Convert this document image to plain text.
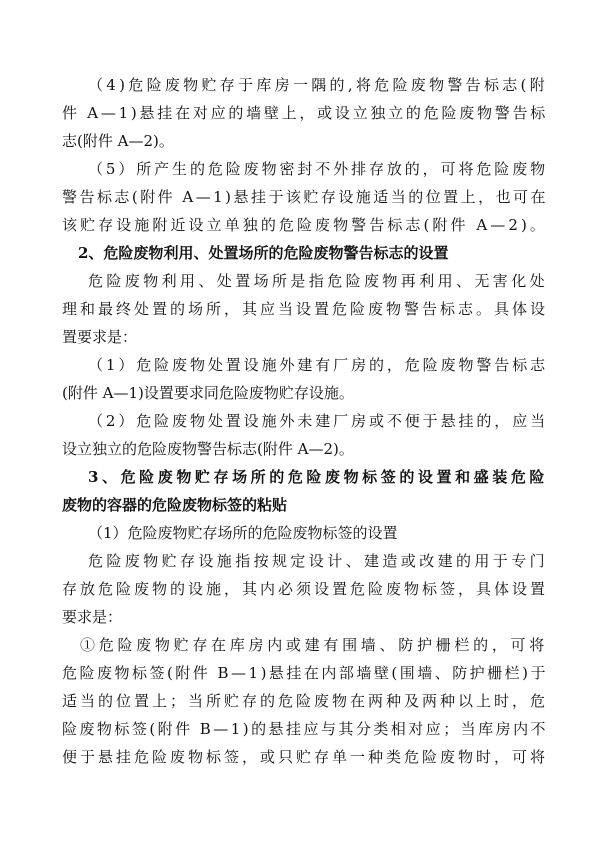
（4)危险废物贮存于库房一隅的,将危险废物警告标志(附
件 A—1)悬挂在对应的墙壁上，或设立独立的危险废物警告标
志(附件 A—2)。
（5）所产生的危险废物密封不外排存放的，可将危险废物
警告标志(附件 A—1)悬挂于该贮存设施适当的位置上，也可在
该贮存设施附近设立单独的危险废物警告标志(附件 A—2)。
2、危险废物利用、处置场所的危险废物警告标志的设置
危险废物利用、处置场所是指危险废物再利用、无害化处
理和最终处置的场所，其应当设置危险废物警告标志。具体设
置要求是：
（1）危险废物处置设施外建有厂房的，危险废物警告标志
(附件 A—1)设置要求同危险废物贮存设施。
（2）危险废物处置设施外未建厂房或不便于悬挂的，应当
设立独立的危险废物警告标志(附件 A—2)。
3、危险废物贮存场所的危险废物标签的设置和盛装危险
废物的容器的危险废物标签的粘贴
（1）危险废物贮存场所的危险废物标签的设置
危险废物贮存设施指按规定设计、建造或改建的用于专门
存放危险废物的设施，其内必须设置危险废物标签，具体设置
要求是：
①危险废物贮存在库房内或建有围墙、防护栅栏的，可将
危险废物标签(附件 B—1)悬挂在内部墙壁(围墙、防护栅栏)于
适当的位置上；当所贮存的危险废物在两种及两种以上时，危
险废物标签(附件 B—1)的悬挂应与其分类相对应；当库房内不
便于悬挂危险废物标签，或只贮存单一种类危险废物时，可将
